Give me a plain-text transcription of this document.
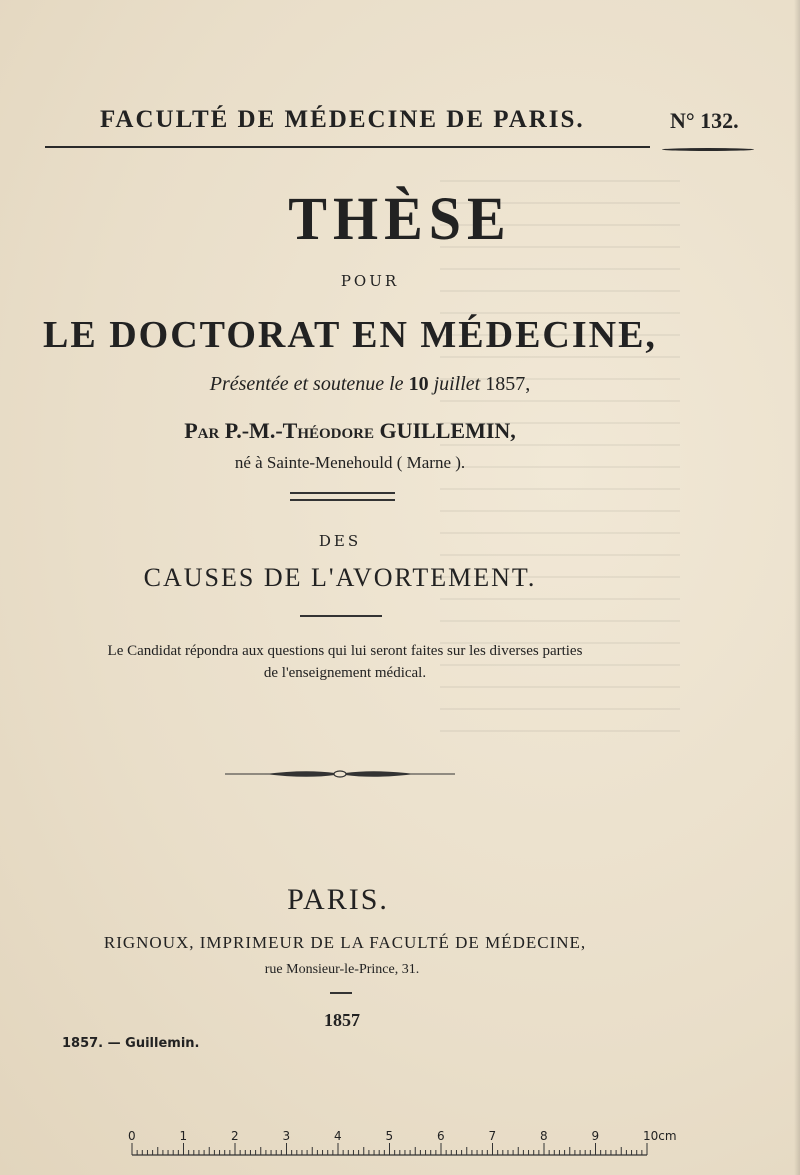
FACULTÉ DE MÉDECINE DE PARIS.	N° 132.
THÈSE
POUR
LE DOCTORAT EN MÉDECINE,
Présentée et soutenue le 10 juillet 1857,
Par P.-M.-Théodore GUILLEMIN,
né à Sainte-Menehould ( Marne ).
DES
CAUSES DE L'AVORTEMENT.
Le Candidat répondra aux questions qui lui seront faites sur les diverses parties
de l'enseignement médical.
PARIS.
RIGNOUX, IMPRIMEUR DE LA FACULTÉ DE MÉDECINE,
rue Monsieur-le-Prince, 31.
1857
1857. — Guillemin.
0	1	2	3	4	5	6	7	8	9	10cm
